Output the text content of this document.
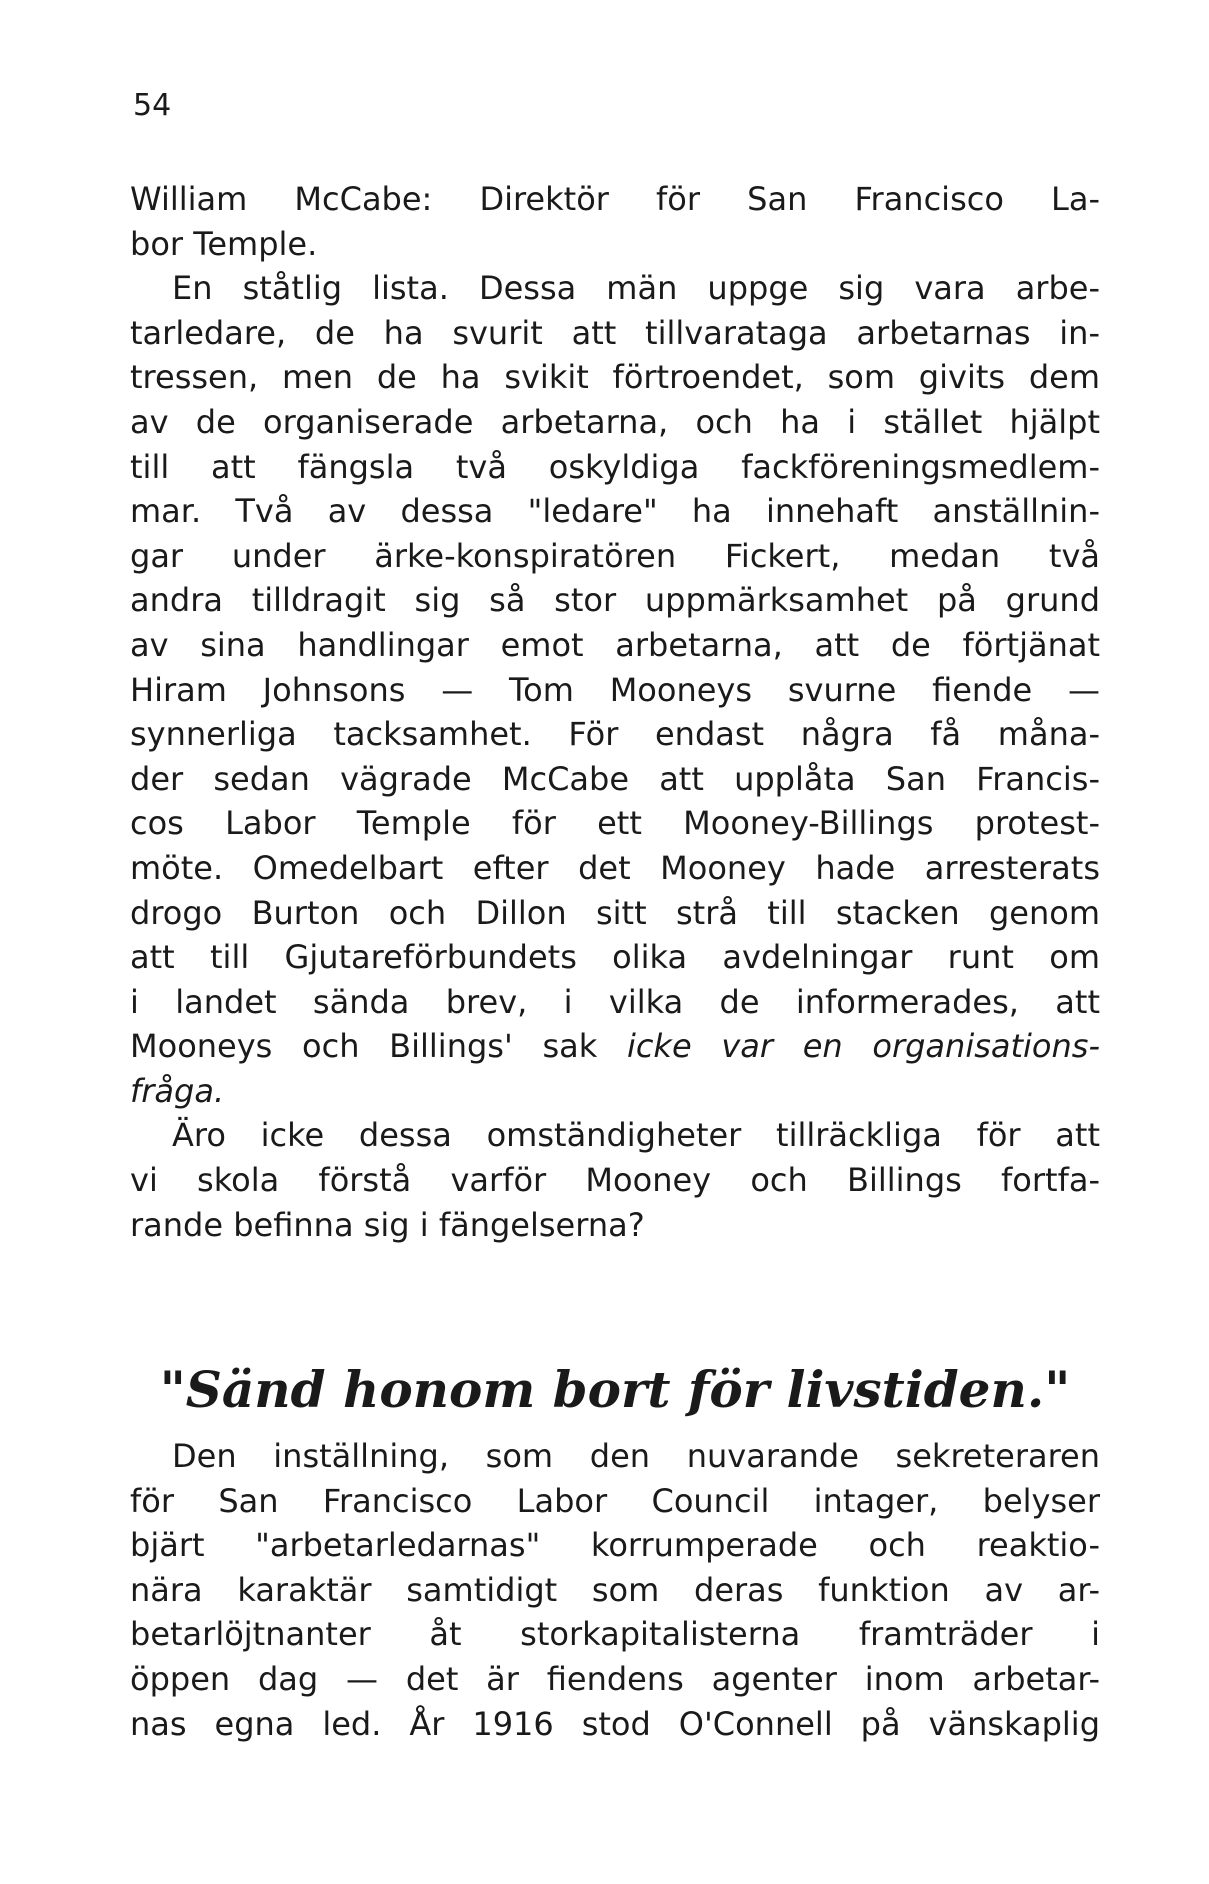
54
William McCabe: Direktör för San Francisco La-
bor Temple.
En ståtlig lista. Dessa män uppge sig vara arbe-
tarledare, de ha svurit att tillvarataga arbetarnas in-
tressen, men de ha svikit förtroendet, som givits dem
av de organiserade arbetarna, och ha i stället hjälpt
till att fängsla två oskyldiga fackföreningsmedlem-
mar. Två av dessa "ledare" ha innehaft anställnin-
gar under ärke-konspiratören Fickert, medan två
andra tilldragit sig så stor uppmärksamhet på grund
av sina handlingar emot arbetarna, att de förtjänat
Hiram Johnsons — Tom Mooneys svurne fiende —
synnerliga tacksamhet. För endast några få måna-
der sedan vägrade McCabe att upplåta San Francis-
cos Labor Temple för ett Mooney-Billings protest-
möte. Omedelbart efter det Mooney hade arresterats
drogo Burton och Dillon sitt strå till stacken genom
att till Gjutareförbundets olika avdelningar runt om
i landet sända brev, i vilka de informerades, att
Mooneys och Billings' sak icke var en organisations-
fråga.
Äro icke dessa omständigheter tillräckliga för att
vi skola förstå varför Mooney och Billings fortfa-
rande befinna sig i fängelserna?
"Sänd honom bort för livstiden."
Den inställning, som den nuvarande sekreteraren
för San Francisco Labor Council intager, belyser
bjärt "arbetarledarnas" korrumperade och reaktio-
nära karaktär samtidigt som deras funktion av ar-
betarlöjtnanter åt storkapitalisterna framträder i
öppen dag — det är fiendens agenter inom arbetar-
nas egna led. År 1916 stod O'Connell på vänskaplig
